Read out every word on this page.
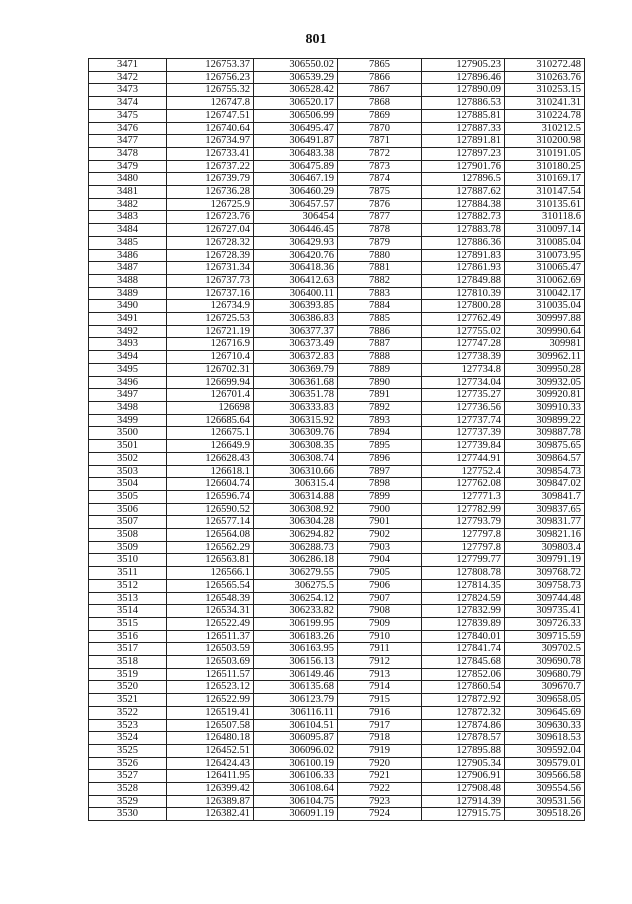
801
3471	126753.37	306550.02	7865	127905.23	310272.48
3472	126756.23	306539.29	7866	127896.46	310263.76
3473	126755.32	306528.42	7867	127890.09	310253.15
3474	126747.8	306520.17	7868	127886.53	310241.31
3475	126747.51	306506.99	7869	127885.81	310224.78
3476	126740.64	306495.47	7870	127887.33	310212.5
3477	126734.97	306491.87	7871	127891.81	310200.98
3478	126733.41	306483.38	7872	127897.23	310191.05
3479	126737.22	306475.89	7873	127901.76	310180.25
3480	126739.79	306467.19	7874	127896.5	310169.17
3481	126736.28	306460.29	7875	127887.62	310147.54
3482	126725.9	306457.57	7876	127884.38	310135.61
3483	126723.76	306454	7877	127882.73	310118.6
3484	126727.04	306446.45	7878	127883.78	310097.14
3485	126728.32	306429.93	7879	127886.36	310085.04
3486	126728.39	306420.76	7880	127891.83	310073.95
3487	126731.34	306418.36	7881	127861.93	310065.47
3488	126737.73	306412.63	7882	127849.88	310062.69
3489	126737.16	306400.11	7883	127810.39	310042.17
3490	126734.9	306393.85	7884	127800.28	310035.04
3491	126725.53	306386.83	7885	127762.49	309997.88
3492	126721.19	306377.37	7886	127755.02	309990.64
3493	126716.9	306373.49	7887	127747.28	309981
3494	126710.4	306372.83	7888	127738.39	309962.11
3495	126702.31	306369.79	7889	127734.8	309950.28
3496	126699.94	306361.68	7890	127734.04	309932.05
3497	126701.4	306351.78	7891	127735.27	309920.81
3498	126698	306333.83	7892	127736.56	309910.33
3499	126685.64	306315.92	7893	127737.74	309899.22
3500	126675.1	306309.76	7894	127737.39	309887.78
3501	126649.9	306308.35	7895	127739.84	309875.65
3502	126628.43	306308.74	7896	127744.91	309864.57
3503	126618.1	306310.66	7897	127752.4	309854.73
3504	126604.74	306315.4	7898	127762.08	309847.02
3505	126596.74	306314.88	7899	127771.3	309841.7
3506	126590.52	306308.92	7900	127782.99	309837.65
3507	126577.14	306304.28	7901	127793.79	309831.77
3508	126564.08	306294.82	7902	127797.8	309821.16
3509	126562.29	306288.73	7903	127797.8	309803.4
3510	126563.81	306286.18	7904	127799.77	309791.19
3511	126566.1	306279.55	7905	127808.78	309768.72
3512	126565.54	306275.5	7906	127814.35	309758.73
3513	126548.39	306254.12	7907	127824.59	309744.48
3514	126534.31	306233.82	7908	127832.99	309735.41
3515	126522.49	306199.95	7909	127839.89	309726.33
3516	126511.37	306183.26	7910	127840.01	309715.59
3517	126503.59	306163.95	7911	127841.74	309702.5
3518	126503.69	306156.13	7912	127845.68	309690.78
3519	126511.57	306149.46	7913	127852.06	309680.79
3520	126523.12	306135.68	7914	127860.54	309670.7
3521	126522.99	306123.79	7915	127872.92	309658.05
3522	126519.41	306116.11	7916	127872.32	309645.69
3523	126507.58	306104.51	7917	127874.86	309630.33
3524	126480.18	306095.87	7918	127878.57	309618.53
3525	126452.51	306096.02	7919	127895.88	309592.04
3526	126424.43	306100.19	7920	127905.34	309579.01
3527	126411.95	306106.33	7921	127906.91	309566.58
3528	126399.42	306108.64	7922	127908.48	309554.56
3529	126389.87	306104.75	7923	127914.39	309531.56
3530	126382.41	306091.19	7924	127915.75	309518.26
